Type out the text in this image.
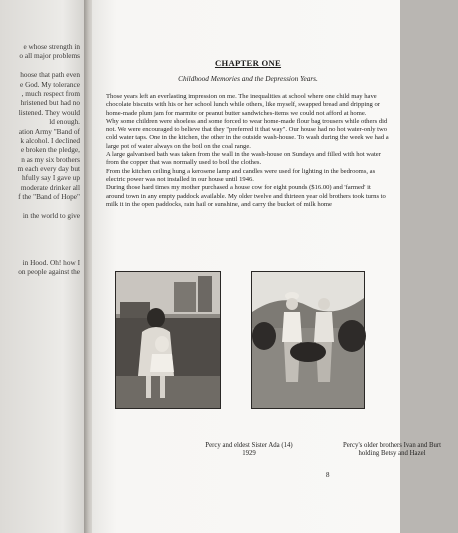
e whose strength in
o all major problems
hoose that path even
e God. My tolerance
, much respect from
hristened but had no
listened. They would
ld enough.
ation Army "Band of
k alcohol. I declined
e broken the pledge,
n as my six brothers
m each every day but
hfully say I gave up
moderate drinker all
f the "Band of Hope"
in the world to give
in Hood. Oh! how I
on people against the
CHAPTER ONE
Childhood Memories and the Depression Years.

Those years left an everlasting impression on me. The inequalities at school where one child may have chocolate biscuits with his or her school lunch while others, like myself, swapped bread and dripping or home-made plum jam for marmite or peanut butter sandwiches-items we could not afford at home.

Why some children were shoeless and some forced to wear home-made flour bag trousers while others did not. We were encouraged to believe that they "preferred it that way". Our house had no hot water-only two cold water taps. One in the kitchen, the other in the outside wash-house. To wash during the week we had a large pot of water always on the boil on the coal range.

A large galvanised bath was taken from the wall in the wash-house on Sundays and filled with hot water from the copper that was normally used to boil the clothes.

From the kitchen ceiling hung a kerosene lamp and candles were used for lighting in the bedrooms, as electric power was not installed in our house until 1946.

During those hard times my mother purchased a house cow for eight pounds ($16.00) and 'farmed' it around town in any empty paddock available. My older twelve and thirteen year old brothers took turns to milk it in the open paddocks, rain hail or sunshine, and carry the bucket of milk home

Percy and eldest Sister Ada (14)
1929
Percy's older brothers Ivan and Burt
holding Betsy and Hazel
8
